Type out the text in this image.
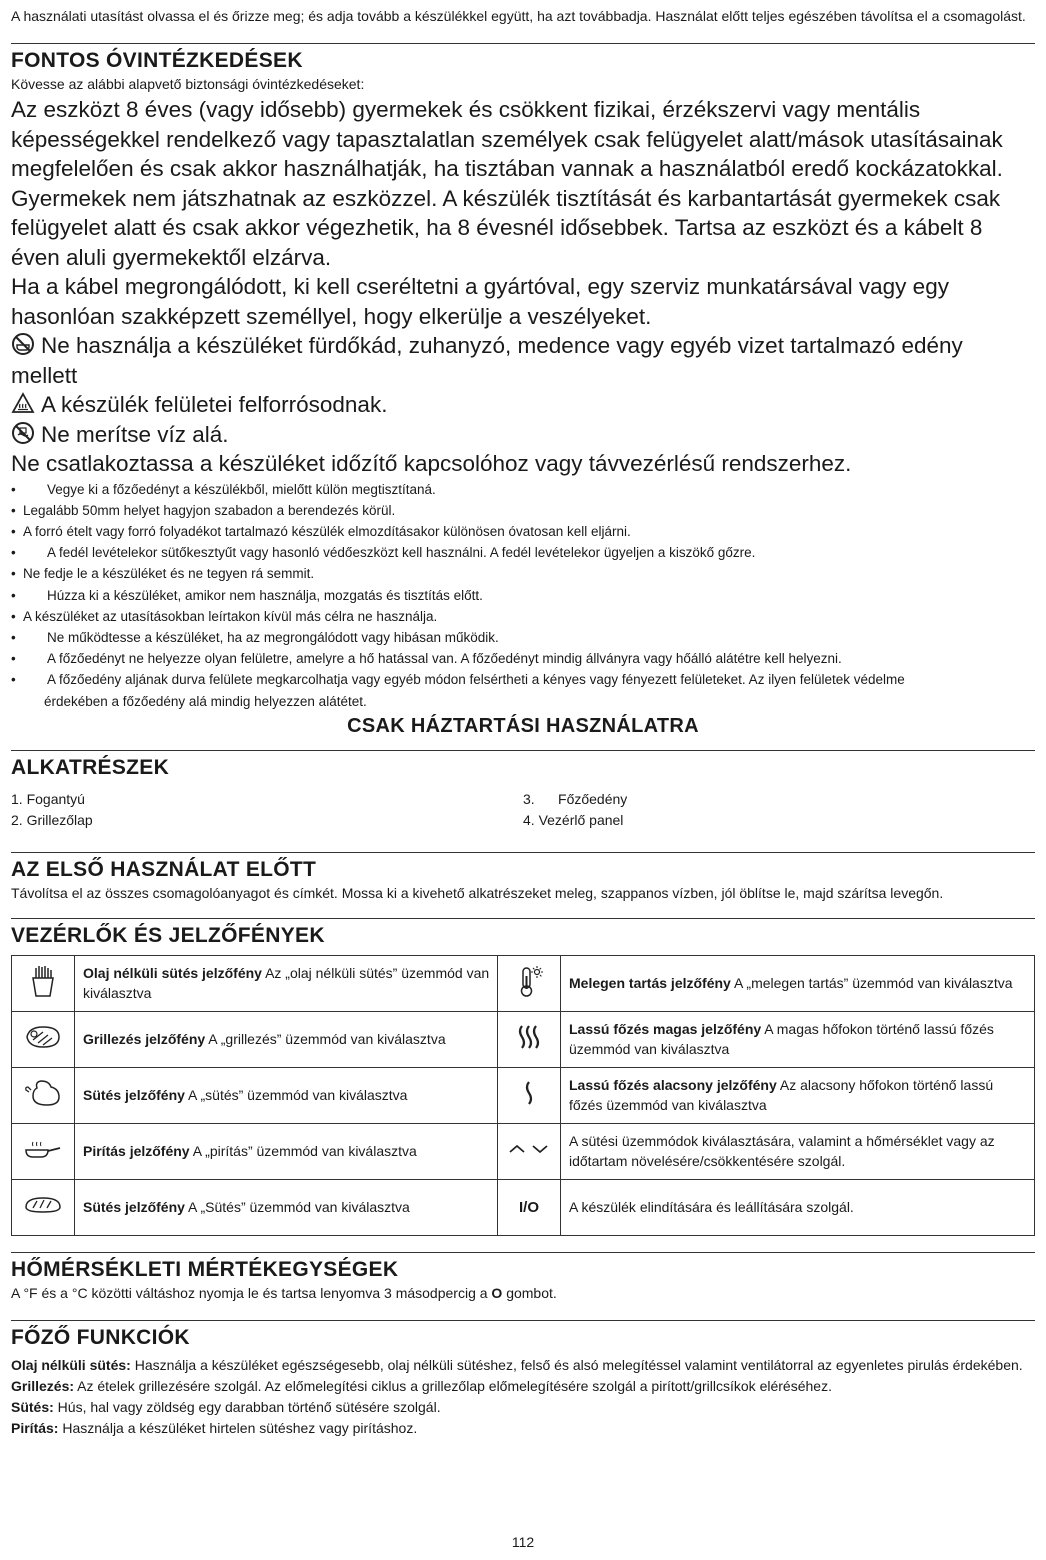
A használati utasítást olvassa el és őrizze meg; és adja tovább a készülékkel együtt, ha azt továbbadja. Használat előtt teljes egészében távolítsa el a csomagolást.

FONTOS ÓVINTÉZKEDÉSEK

Kövesse az alábbi alapvető biztonsági óvintézkedéseket:

Az eszközt 8 éves (vagy idősebb) gyermekek és csökkent fizikai, érzékszervi vagy mentális képességekkel rendelkező vagy tapasztalatlan személyek csak felügyelet alatt/mások utasításainak megfelelően és csak akkor használhatják, ha tisztában vannak a használatból eredő kockázatokkal. Gyermekek nem játszhatnak az eszközzel. A készülék tisztítását és karbantartását gyermekek csak felügyelet alatt és csak akkor végezhetik, ha 8 évesnél idősebbek. Tartsa az eszközt és a kábelt 8 éven aluli gyermekektől elzárva.

Ha a kábel megrongálódott, ki kell cseréltetni a gyártóval, egy szerviz munkatársával vagy egy hasonlóan szakképzett személlyel, hogy elkerülje a veszélyeket.

Ne használja a készüléket fürdőkád, zuhanyzó, medence vagy egyéb vizet tartalmazó edény mellett

A készülék felületei felforrósodnak.

Ne merítse víz alá.

Ne csatlakoztassa a készüléket időzítő kapcsolóhoz vagy távvezérlésű rendszerhez.

• Vegye ki a főzőedényt a készülékből, mielőtt külön megtisztítaná.
• Legalább 50mm helyet hagyjon szabadon a berendezés körül.
• A forró ételt vagy forró folyadékot tartalmazó készülék elmozdításakor különösen óvatosan kell eljárni.
• A fedél levételekor sütőkesztyűt vagy hasonló védőeszközt kell használni. A fedél levételekor ügyeljen a kiszökő gőzre.
• Ne fedje le a készüléket és ne tegyen rá semmit.
• Húzza ki a készüléket, amikor nem használja, mozgatás és tisztítás előtt.
• A készüléket az utasításokban leírtakon kívül más célra ne használja.
• Ne működtesse a készüléket, ha az megrongálódott vagy hibásan működik.
• A főzőedényt ne helyezze olyan felületre, amelyre a hő hatással van. A főzőedényt mindig állványra vagy hőálló alátétre kell helyezni.
• A főzőedény aljának durva felülete megkarcolhatja vagy egyéb módon felsértheti a kényes vagy fényezett felületeket. Az ilyen felületek védelme
érdekében a főzőedény alá mindig helyezzen alátétet.

CSAK HÁZTARTÁSI HASZNÁLATRA

ALKATRÉSZEK
1. Fogantyú
2. Grillezőlap
3.      Főzőedény
4. Vezérlő panel
AZ ELSŐ HASZNÁLAT ELŐTT

Távolítsa el az összes csomagolóanyagot és címkét. Mossa ki a kivehető alkatrészeket meleg, szappanos vízben, jól öblítse le, majd szárítsa levegőn.

VEZÉRLŐK ÉS JELZŐFÉNYEK
	Olaj nélküli sütés jelzőfény Az „olaj nélküli sütés” üzemmód van kiválasztva		Melegen tartás jelzőfény A „melegen tartás” üzemmód van kiválasztva
	Grillezés jelzőfény A „grillezés” üzemmód van kiválasztva		Lassú főzés magas jelzőfény A magas hőfokon történő lassú főzés üzemmód van kiválasztva
	Sütés jelzőfény A „sütés” üzemmód van kiválasztva		Lassú főzés alacsony jelzőfény Az alacsony hőfokon történő lassú főzés üzemmód van kiválasztva
	Pirítás jelzőfény A „pirítás” üzemmód van kiválasztva		A sütési üzemmódok kiválasztására, valamint a hőmérséklet vagy az időtartam növelésére/csökkentésére szolgál.
	Sütés jelzőfény A „Sütés” üzemmód van kiválasztva	I/O	A készülék elindítására és leállítására szolgál.
HŐMÉRSÉKLETI MÉRTÉKEGYSÉGEK

A °F és a °C közötti váltáshoz nyomja le és tartsa lenyomva 3 másodpercig a O gombot.

FŐZŐ FUNKCIÓK

Olaj nélküli sütés: Használja a készüléket egészségesebb, olaj nélküli sütéshez, felső és alsó melegítéssel valamint ventilátorral az egyenletes pirulás érdekében.

Grillezés: Az ételek grillezésére szolgál. Az előmelegítési ciklus a grillezőlap előmelegítésére szolgál a pirított/grillcsíkok eléréséhez.

Sütés: Hús, hal vagy zöldség egy darabban történő sütésére szolgál.

Pirítás: Használja a készüléket hirtelen sütéshez vagy pirításhoz.

112
